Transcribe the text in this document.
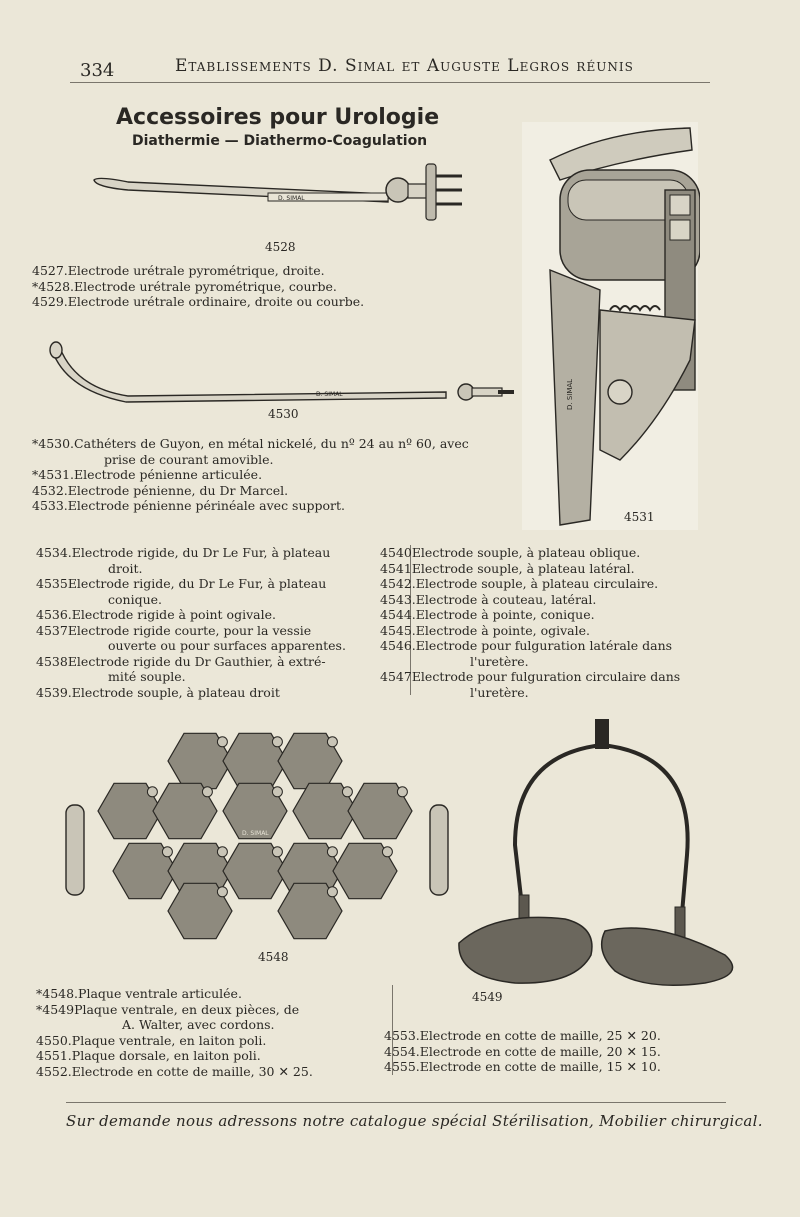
334	Etablissements D. Simal et Auguste Legros réunis
Accessoires pour Urologie
Diathermie — Diathermo-Coagulation
D. SIMAL
4528
4527.Electrode urétrale pyrométrique, droite.
*4528.Electrode urétrale pyrométrique, courbe.
4529.Electrode urétrale ordinaire, droite ou courbe.
D. SIMAL
4530
*4530.Cathéters de Guyon, en métal nickelé, du nº 24 au nº 60, avec
prise de courant amovible.
*4531.Electrode pénienne articulée.
4532.Electrode pénienne, du Dr Marcel.
4533.Electrode pénienne périnéale avec support.
D. SIMAL
4531
4534.Electrode rigide, du Dr Le Fur, à plateau
droit.
4535Electrode rigide, du Dr Le Fur, à plateau
conique.
4536.Electrode rigide à point ogivale.
4537Electrode rigide courte, pour la vessie
ouverte ou pour surfaces apparentes.
4538Electrode rigide du Dr Gauthier, à extré-
mité souple.
4539.Electrode souple, à plateau droit
4540Electrode souple, à plateau oblique.
4541Electrode souple, à plateau latéral.
4542.Electrode souple, à plateau circulaire.
4543.Electrode à couteau, latéral.
4544.Electrode à pointe, conique.
4545.Electrode à pointe, ogivale.
4546.Electrode pour fulguration latérale dans
l'uretère.
4547Electrode pour fulguration circulaire dans
l'uretère.
D. SIMAL
4548
4549
*4548.Plaque ventrale articulée.
*4549Plaque ventrale, en deux pièces, de
A. Walter, avec cordons.
4550.Plaque ventrale, en laiton poli.
4551.Plaque dorsale, en laiton poli.
4552.Electrode en cotte de maille, 30 ✕ 25.
4553.Electrode en cotte de maille, 25 ✕ 20.
4554.Electrode en cotte de maille, 20 ✕ 15.
4555.Electrode en cotte de maille, 15 ✕ 10.
Sur demande nous adressons notre catalogue spécial Stérilisation, Mobilier chirurgical.
